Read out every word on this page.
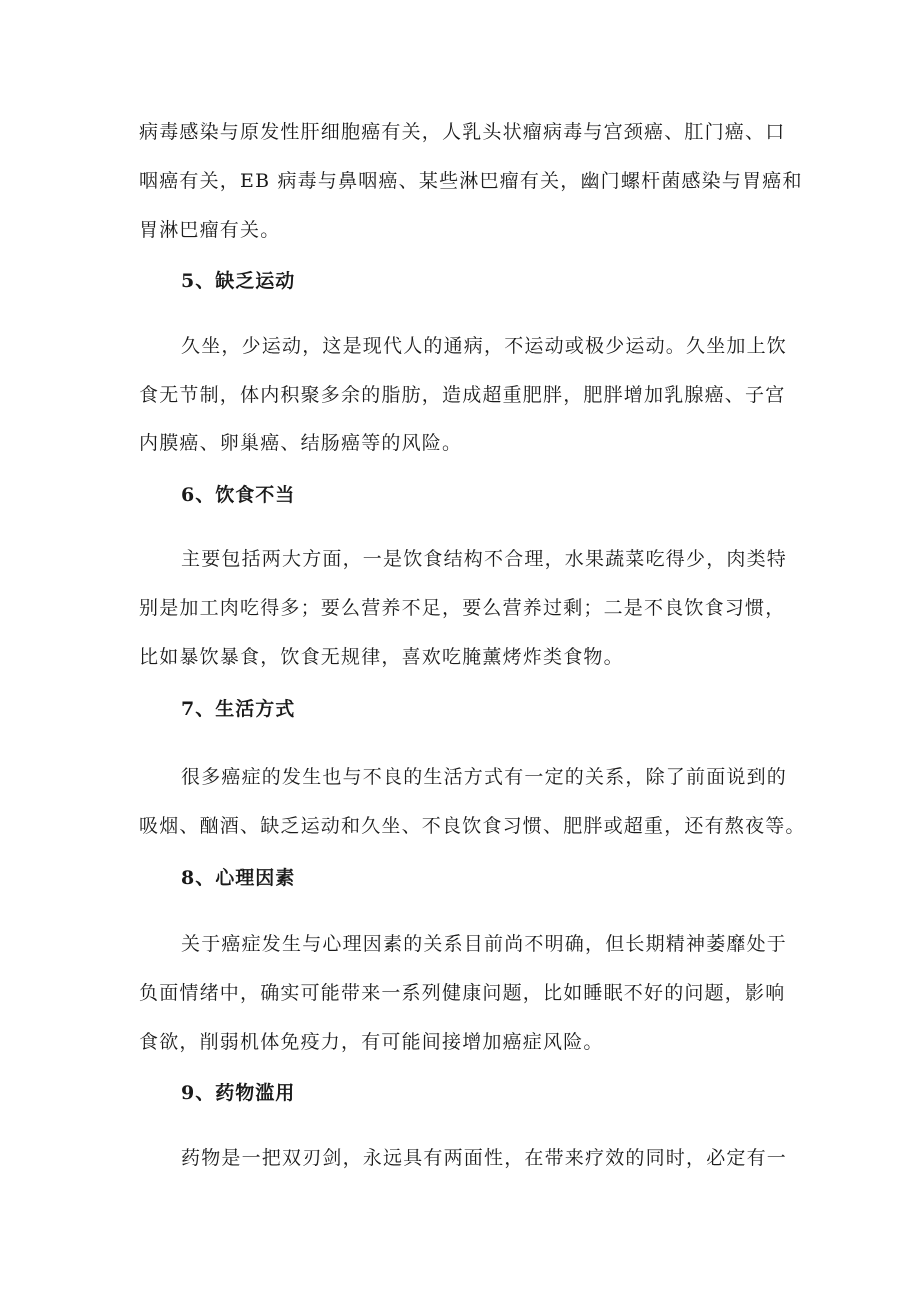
病毒感染与原发性肝细胞癌有关，人乳头状瘤病毒与宫颈癌、肛门癌、口
咽癌有关，EB 病毒与鼻咽癌、某些淋巴瘤有关，幽门螺杆菌感染与胃癌和
胃淋巴瘤有关。
5、缺乏运动
久坐，少运动，这是现代人的通病，不运动或极少运动。久坐加上饮
食无节制，体内积聚多余的脂肪，造成超重肥胖，肥胖增加乳腺癌、子宫
内膜癌、卵巢癌、结肠癌等的风险。
6、饮食不当
主要包括两大方面，一是饮食结构不合理，水果蔬菜吃得少，肉类特
别是加工肉吃得多；要么营养不足，要么营养过剩；二是不良饮食习惯，
比如暴饮暴食，饮食无规律，喜欢吃腌薰烤炸类食物。
7、生活方式
很多癌症的发生也与不良的生活方式有一定的关系，除了前面说到的
吸烟、酗酒、缺乏运动和久坐、不良饮食习惯、肥胖或超重，还有熬夜等。
8、心理因素
关于癌症发生与心理因素的关系目前尚不明确，但长期精神萎靡处于
负面情绪中，确实可能带来一系列健康问题，比如睡眠不好的问题，影响
食欲，削弱机体免疫力，有可能间接增加癌症风险。
9、药物滥用
药物是一把双刃剑，永远具有两面性，在带来疗效的同时，必定有一
